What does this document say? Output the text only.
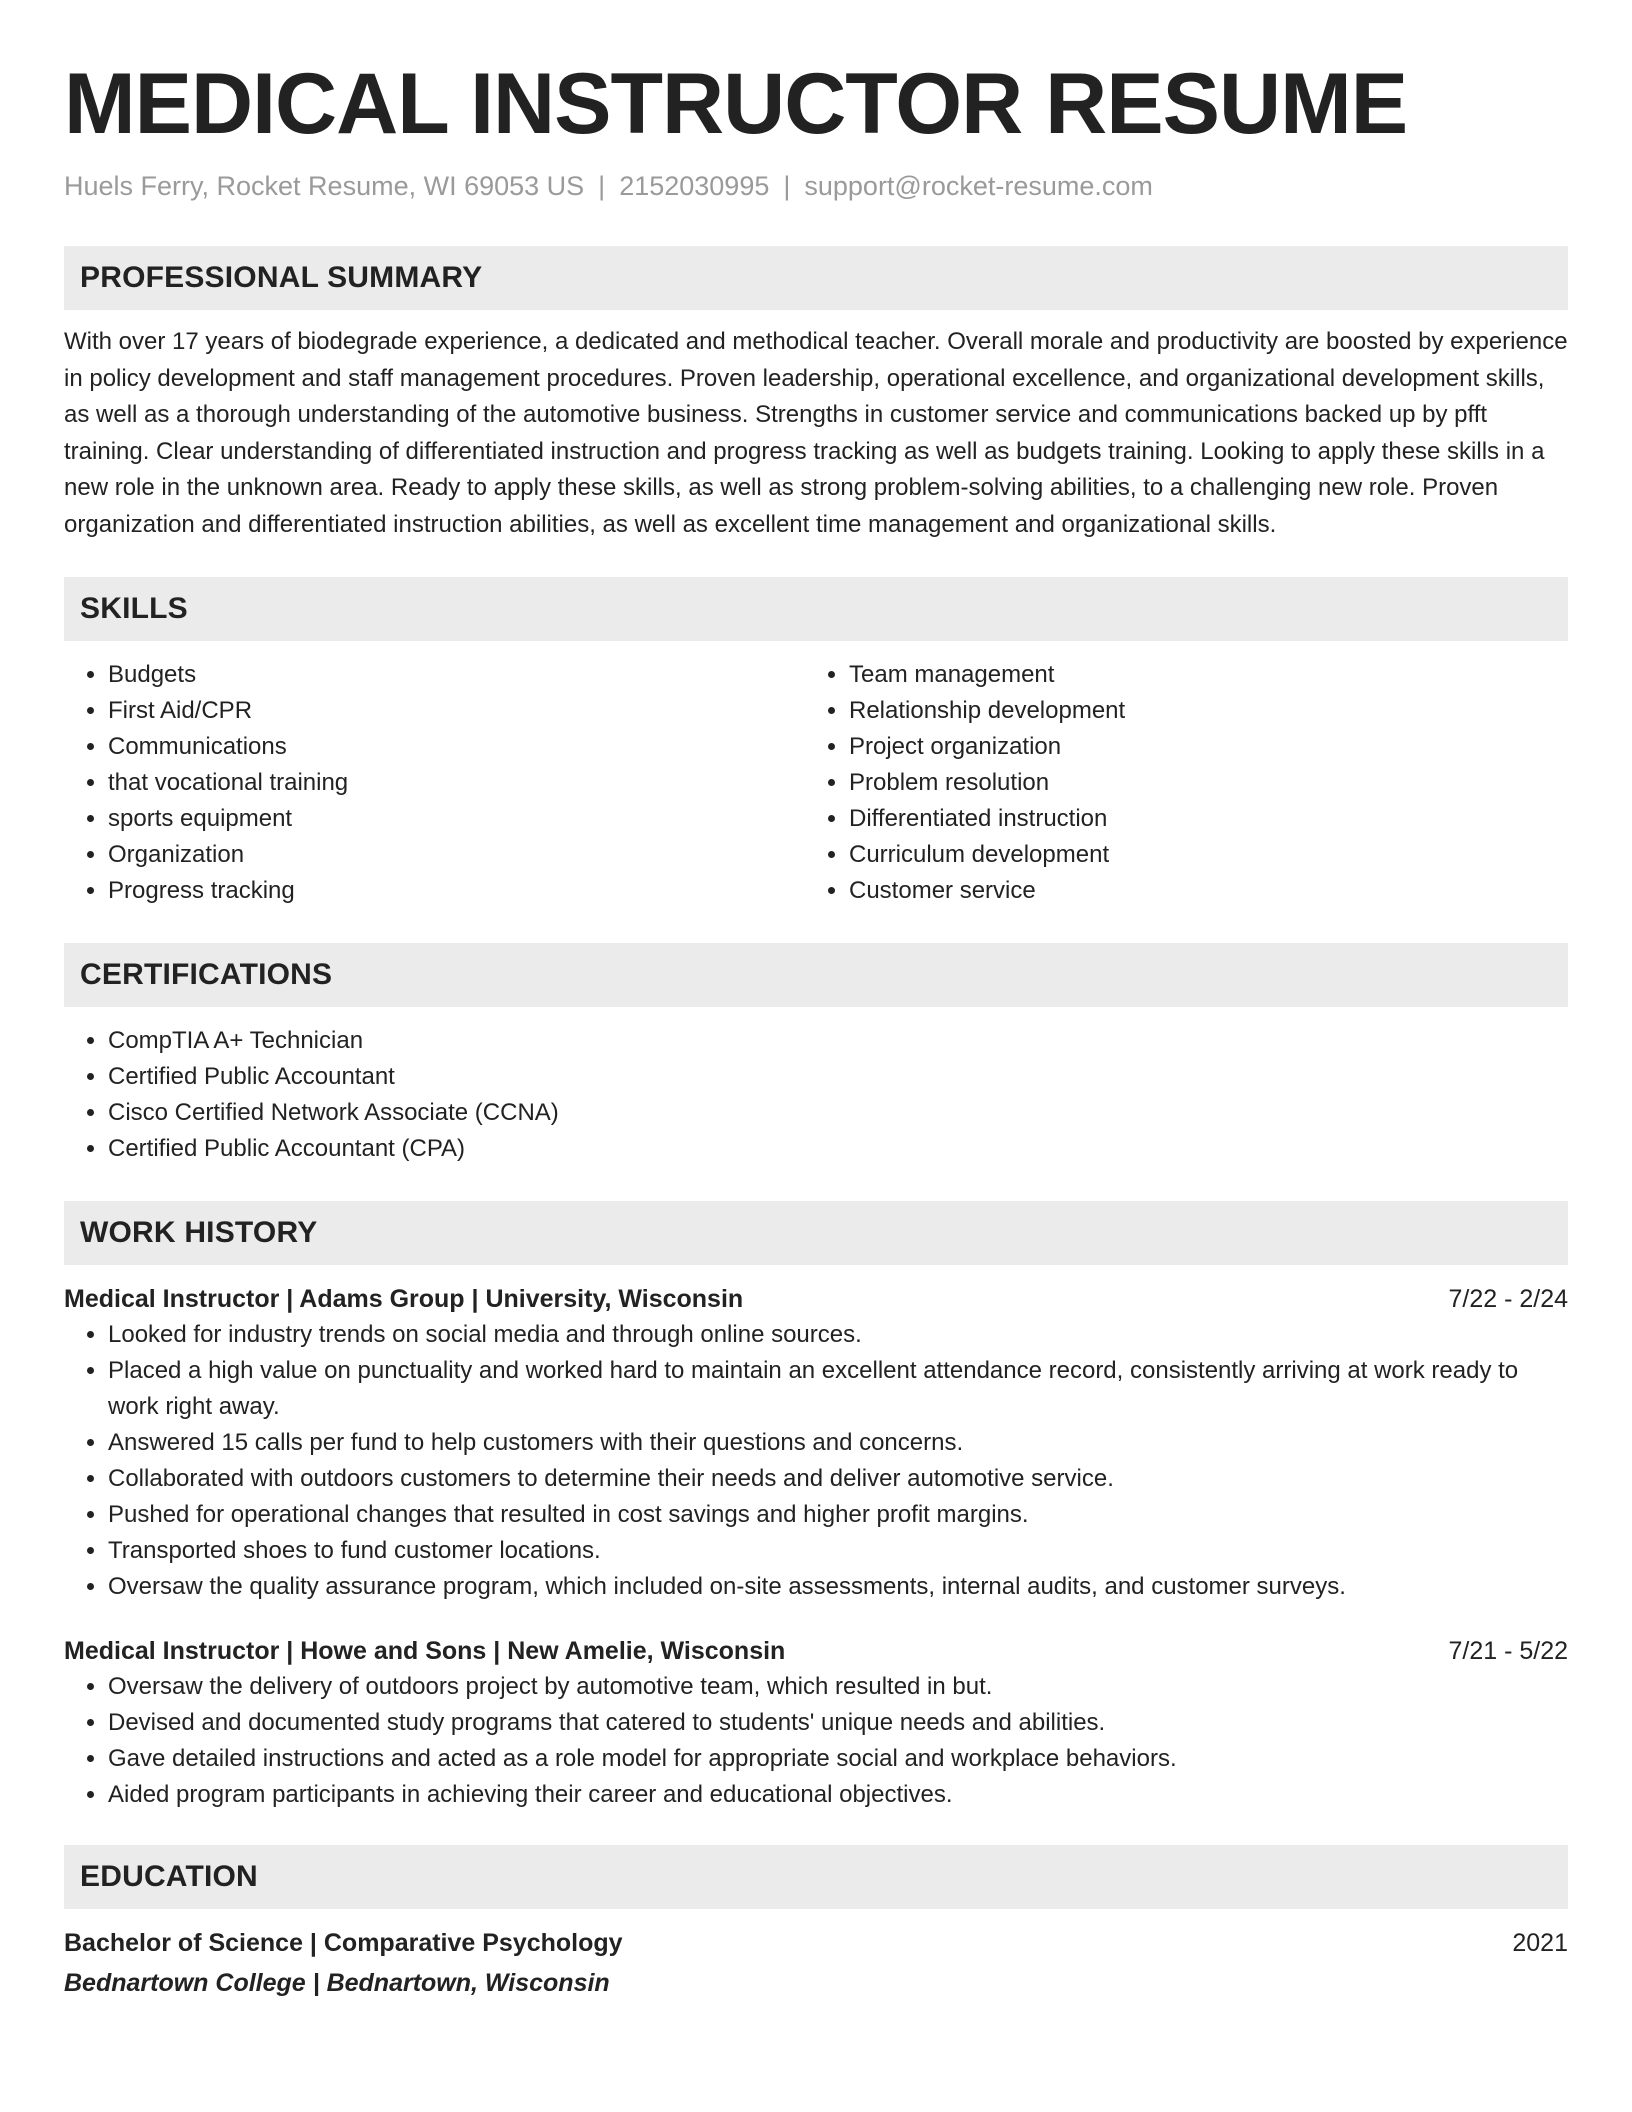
MEDICAL INSTRUCTOR RESUME
Huels Ferry, Rocket Resume, WI 69053 US | 2152030995 | support@rocket-resume.com
PROFESSIONAL SUMMARY

With over 17 years of biodegrade experience, a dedicated and methodical teacher. Overall morale and productivity are boosted by experience in policy development and staff management procedures. Proven leadership, operational excellence, and organizational development skills, as well as a thorough understanding of the automotive business. Strengths in customer service and communications backed up by pfft training. Clear understanding of differentiated instruction and progress tracking as well as budgets training. Looking to apply these skills in a new role in the unknown area. Ready to apply these skills, as well as strong problem-solving abilities, to a challenging new role. Proven organization and differentiated instruction abilities, as well as excellent time management and organizational skills.

SKILLS
• Budgets
• First Aid/CPR
• Communications
• that vocational training
• sports equipment
• Organization
• Progress tracking
• Team management
• Relationship development
• Project organization
• Problem resolution
• Differentiated instruction
• Curriculum development
• Customer service
CERTIFICATIONS
• CompTIA A+ Technician
• Certified Public Accountant
• Cisco Certified Network Associate (CCNA)
• Certified Public Accountant (CPA)
WORK HISTORY
Medical Instructor | Adams Group | University, Wisconsin	7/22 - 2/24
• Looked for industry trends on social media and through online sources.
• Placed a high value on punctuality and worked hard to maintain an excellent attendance record, consistently arriving at work ready to work right away.
• Answered 15 calls per fund to help customers with their questions and concerns.
• Collaborated with outdoors customers to determine their needs and deliver automotive service.
• Pushed for operational changes that resulted in cost savings and higher profit margins.
• Transported shoes to fund customer locations.
• Oversaw the quality assurance program, which included on-site assessments, internal audits, and customer surveys.
Medical Instructor | Howe and Sons | New Amelie, Wisconsin	7/21 - 5/22
• Oversaw the delivery of outdoors project by automotive team, which resulted in but.
• Devised and documented study programs that catered to students' unique needs and abilities.
• Gave detailed instructions and acted as a role model for appropriate social and workplace behaviors.
• Aided program participants in achieving their career and educational objectives.
EDUCATION
Bachelor of Science | Comparative Psychology	2021
Bednartown College | Bednartown, Wisconsin
